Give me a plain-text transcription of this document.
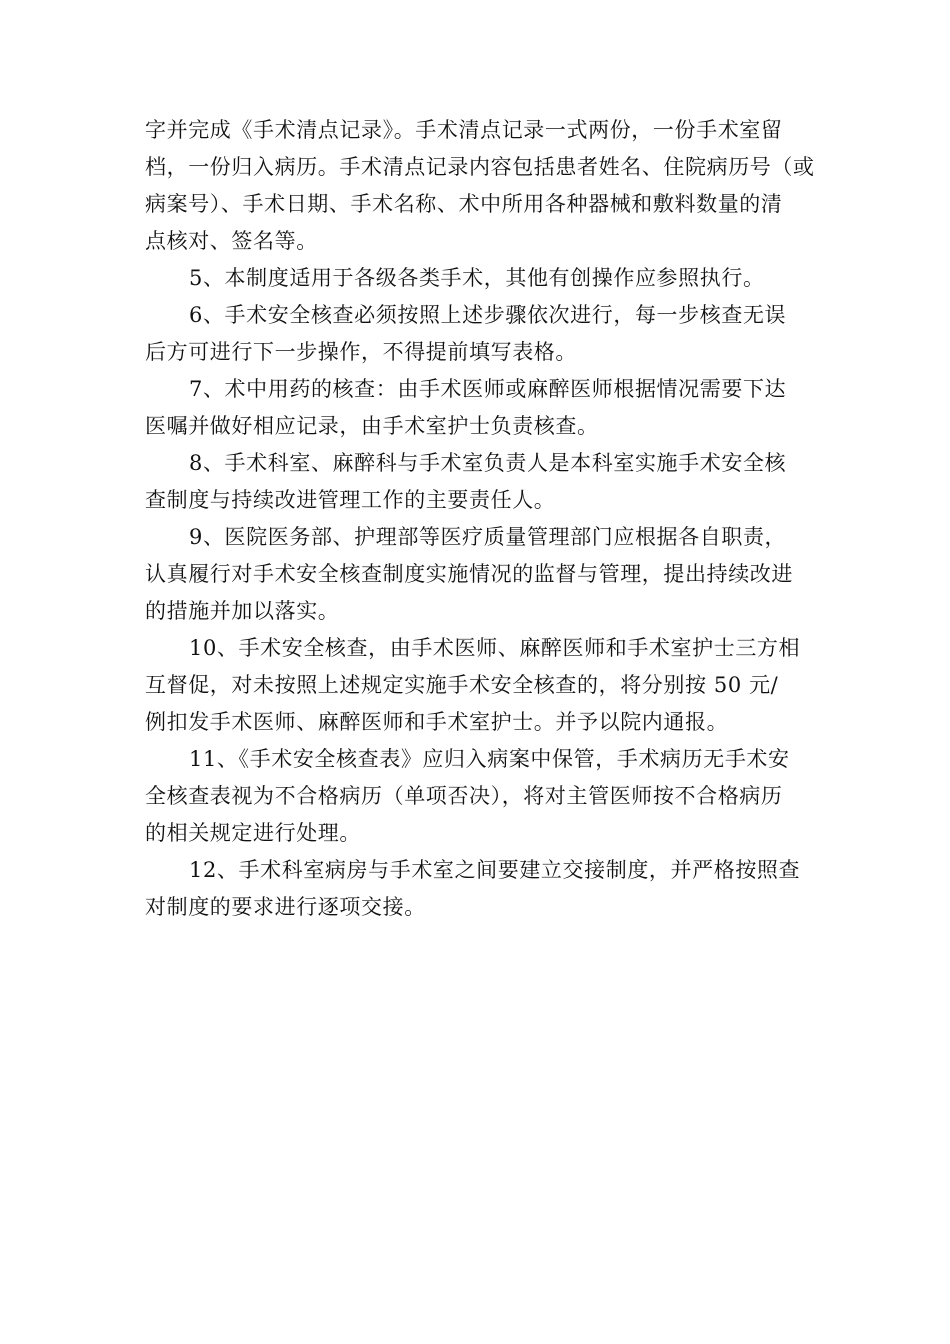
字并完成《手术清点记录》。手术清点记录一式两份，一份手术室留
档，一份归入病历。手术清点记录内容包括患者姓名、住院病历号（或
病案号）、手术日期、手术名称、术中所用各种器械和敷料数量的清
点核对、签名等。
5、本制度适用于各级各类手术，其他有创操作应参照执行。
6、手术安全核查必须按照上述步骤依次进行，每一步核查无误
后方可进行下一步操作，不得提前填写表格。
7、术中用药的核查：由手术医师或麻醉医师根据情况需要下达
医嘱并做好相应记录，由手术室护士负责核查。
8、手术科室、麻醉科与手术室负责人是本科室实施手术安全核
查制度与持续改进管理工作的主要责任人。
9、医院医务部、护理部等医疗质量管理部门应根据各自职责，
认真履行对手术安全核查制度实施情况的监督与管理，提出持续改进
的措施并加以落实。
10、手术安全核查，由手术医师、麻醉医师和手术室护士三方相
互督促，对未按照上述规定实施手术安全核查的，将分别按 50 元/
例扣发手术医师、麻醉医师和手术室护士。并予以院内通报。
11、《手术安全核查表》应归入病案中保管，手术病历无手术安
全核查表视为不合格病历（单项否决），将对主管医师按不合格病历
的相关规定进行处理。
12、手术科室病房与手术室之间要建立交接制度，并严格按照查
对制度的要求进行逐项交接。
